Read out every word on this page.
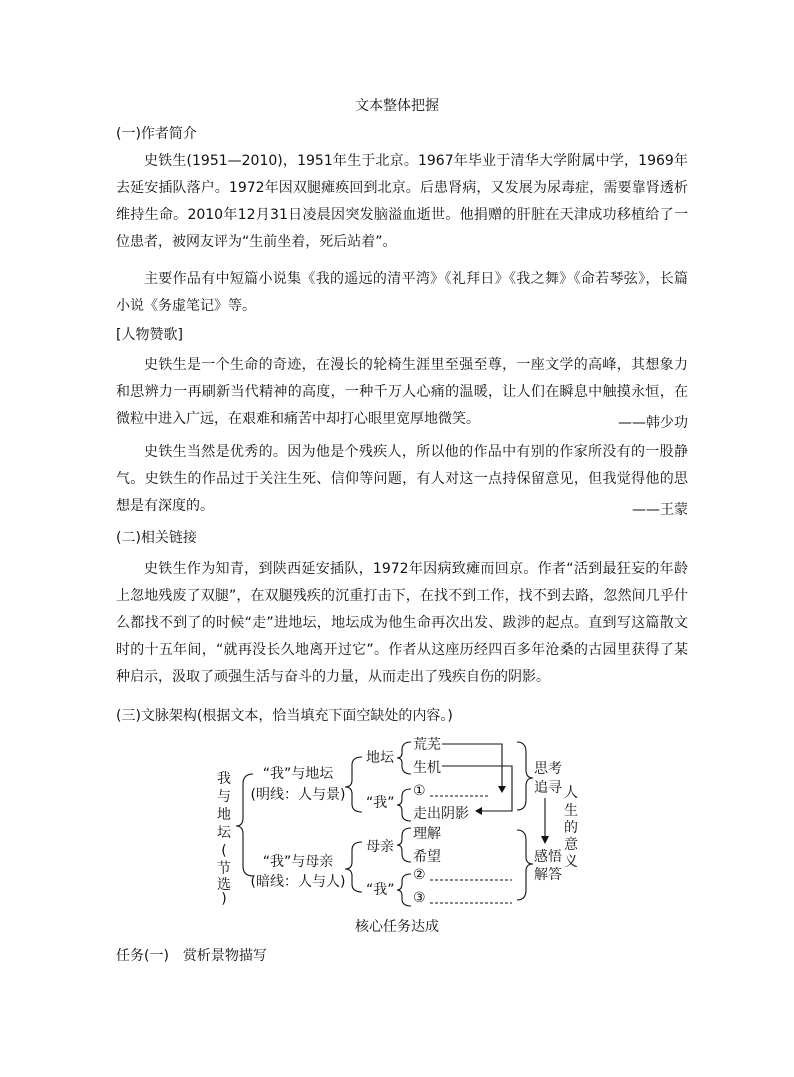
文本整体把握
(一)作者简介

史铁生(1951—2010)，1951年生于北京。1967年毕业于清华大学附属中学，1969年去延安插队落户。1972年因双腿瘫痪回到北京。后患肾病，又发展为尿毒症，需要靠肾透析维持生命。2010年12月31日凌晨因突发脑溢血逝世。他捐赠的肝脏在天津成功移植给了一位患者，被网友评为“生前坐着，死后站着”。

主要作品有中短篇小说集《我的遥远的清平湾》《礼拜日》《我之舞》《命若琴弦》，长篇小说《务虚笔记》等。

[人物赞歌]

史铁生是一个生命的奇迹，在漫长的轮椅生涯里至强至尊，一座文学的高峰，其想象力和思辨力一再刷新当代精神的高度，一种千万人心痛的温暖，让人们在瞬息中触摸永恒，在微粒中进入广远，在艰难和痛苦中却打心眼里宽厚地微笑。	——韩少功

史铁生当然是优秀的。因为他是个残疾人，所以他的作品中有别的作家所没有的一股静气。史铁生的作品过于关注生死、信仰等问题，有人对这一点持保留意见，但我觉得他的思想是有深度的。	——王蒙
(二)相关链接

史铁生作为知青，到陕西延安插队，1972年因病致瘫而回京。作者“活到最狂妄的年龄上忽地残废了双腿”，在双腿残疾的沉重打击下，在找不到工作，找不到去路，忽然间几乎什么都找不到了的时候“走”进地坛，地坛成为他生命再次出发、跋涉的起点。直到写这篇散文时的十五年间，“就再没长久地离开过它”。作者从这座历经四百多年沧桑的古园里获得了某种启示，汲取了顽强生活与奋斗的力量，从而走出了残疾自伤的阴影。

(三)文脉架构(根据文本，恰当填充下面空缺处的内容。)
我
与
地
坛
(
节
选
)
“我”与地坛
(明线：人与景)
“我”与母亲
(暗线：人与人)
地坛
“我”
荒芜
生机
①
走出阴影
思考
追寻 人
生
的
意
义
母亲
“我”
理解
希望
②
③
感悟
解答
核心任务达成
任务(一)　赏析景物描写
